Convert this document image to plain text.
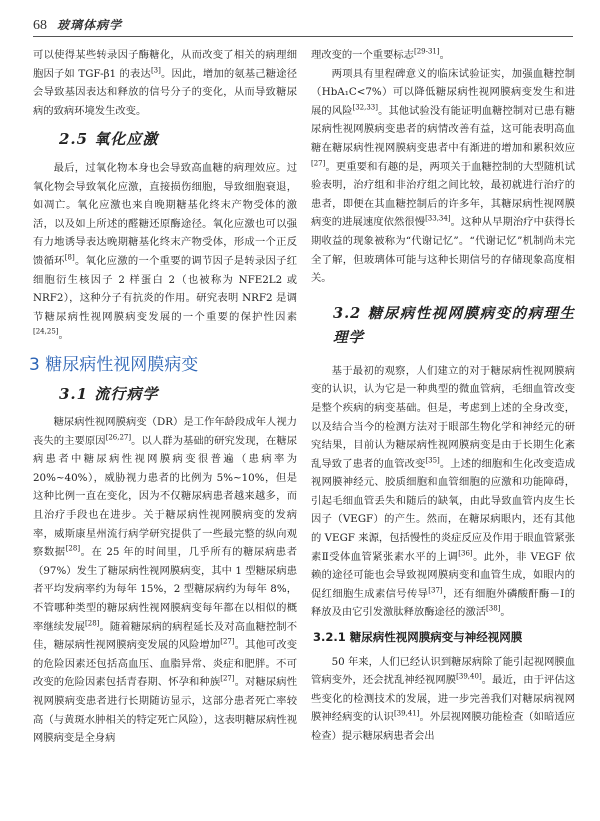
68 玻璃体病学

可以使得某些转录因子酶糖化，从而改变了相关的病理细胞因子如 TGF-β1 的表达[3]。因此，增加的氨基己糖途径会导致基因表达和释放的信号分子的变化，从而导致糖尿病的致病环境发生改变。

2.5 氧化应激

最后，过氧化物本身也会导致高血糖的病理效应。过氧化物会导致氧化应激，直接损伤细胞，导致细胞衰退，如凋亡。氧化应激也来自晚期糖基化终末产物受体的激活，以及如上所述的醛糖还原酶途径。氧化应激也可以强有力地诱导表达晚期糖基化终末产物受体，形成一个正反馈循环[8]。氧化应激的一个重要的调节因子是转录因子红细胞衍生核因子 2 样蛋白 2（也被称为 NFE2L2 或 NRF2），这种分子有抗炎的作用。研究表明 NRF2 是调节糖尿病性视网膜病变发展的一个重要的保护性因素[24,25]。

3 糖尿病性视网膜病变
3.1 流行病学

糖尿病性视网膜病变（DR）是工作年龄段成年人视力丧失的主要原因[26,27]。以人群为基础的研究发现，在糖尿病患者中糖尿病性视网膜病变很普遍（患病率为 20%~40%），威胁视力患者的比例为 5%~10%，但是这种比例一直在变化，因为不仅糖尿病患者越来越多，而且治疗手段也在进步。关于糖尿病性视网膜病变的发病率，威斯康星州流行病学研究提供了一些最完整的纵向观察数据[28]。在 25 年的时间里，几乎所有的糖尿病患者（97%）发生了糖尿病性视网膜病变，其中 1 型糖尿病患者平均发病率约为每年 15%，2 型糖尿病约为每年 8%，不管哪种类型的糖尿病性视网膜病变每年都在以相似的概率继续发展[28]。随着糖尿病的病程延长及对高血糖控制不佳，糖尿病性视网膜病变发展的风险增加[27]。其他可改变的危险因素还包括高血压、血脂异常、炎症和肥胖。不可改变的危险因素包括青春期、怀孕和种族[27]。对糖尿病性视网膜病变患者进行长期随访显示，这部分患者死亡率较高（与黄斑水肿相关的特定死亡风险），这表明糖尿病性视网膜病变是全身病

理改变的一个重要标志[29-31]。

两项具有里程碑意义的临床试验证实，加强血糖控制（HbA₁C<7%）可以降低糖尿病性视网膜病变发生和进展的风险[32,33]。其他试验没有能证明血糖控制对已患有糖尿病性视网膜病变患者的病情改善有益，这可能表明高血糖在糖尿病性视网膜病变患者中有渐进的增加和累积效应[27]。更重要和有趣的是，两项关于血糖控制的大型随机试验表明，治疗组和非治疗组之间比较，最初就进行治疗的患者，即便在其血糖控制后的许多年，其糖尿病性视网膜病变的进展速度依然很慢[33,34]。这种从早期治疗中获得长期收益的现象被称为“代谢记忆”。“代谢记忆”机制尚未完全了解，但玻璃体可能与这种长期信号的存储现象高度相关。

3.2 糖尿病性视网膜病变的病理生理学

基于最初的观察，人们建立的对于糖尿病性视网膜病变的认识，认为它是一种典型的微血管病，毛细血管改变是整个疾病的病变基础。但是，考虑到上述的全身改变，以及结合当今的检测方法对于眼部生物化学和神经元的研究结果，目前认为糖尿病性视网膜病变是由于长期生化紊乱导致了患者的血管改变[35]。上述的细胞和生化改变造成视网膜神经元、胶质细胞和血管细胞的应激和功能障碍，引起毛细血管丢失和随后的缺氧，由此导致血管内皮生长因子（VEGF）的产生。然而，在糖尿病眼内，还有其他的 VEGF 来源，包括慢性的炎症反应及作用于眼血管紧张素Ⅱ受体血管紧张素水平的上调[36]。此外，非 VEGF 依赖的途径可能也会导致视网膜病变和血管生成，如眼内的促红细胞生成素信号传导[37]，还有细胞外磷酸酐酶－Ⅰ的释放及由它引发激肽释放酶途径的激活[38]。

3.2.1 糖尿病性视网膜病变与神经视网膜

50 年来，人们已经认识到糖尿病除了能引起视网膜血管病变外，还会扰乱神经视网膜[39,40]。最近，由于评估这些变化的检测技术的发展，进一步完善我们对糖尿病视网膜神经病变的认识[39,41]。外层视网膜功能检查（如暗适应检查）提示糖尿病患者会出
